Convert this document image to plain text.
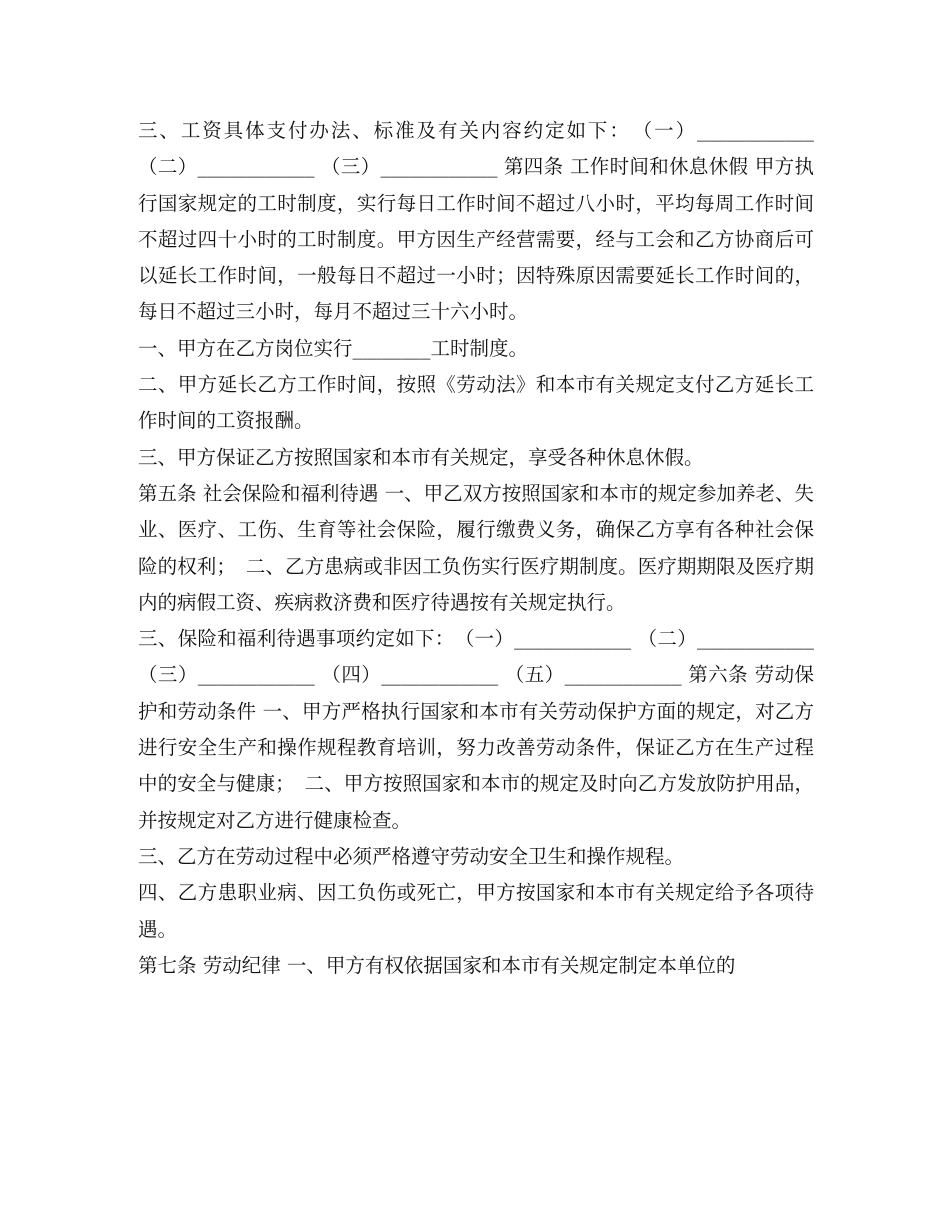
三、工资具体支付办法、标准及有关内容约定如下：　（一）____________ （二）____________ （三）____________ 第四条 工作时间和休息休假 甲方执行国家规定的工时制度，实行每日工作时间不超过八小时，平均每周工作时间不超过四十小时的工时制度。甲方因生产经营需要，经与工会和乙方协商后可以延长工作时间，一般每日不超过一小时；因特殊原因需要延长工作时间的，每日不超过三小时，每月不超过三十六小时。

一、甲方在乙方岗位实行________工时制度。

二、甲方延长乙方工作时间，按照《劳动法》和本市有关规定支付乙方延长工作时间的工资报酬。

三、甲方保证乙方按照国家和本市有关规定，享受各种休息休假。

第五条 社会保险和福利待遇 一、甲乙双方按照国家和本市的规定参加养老、失业、医疗、工伤、生育等社会保险，履行缴费义务，确保乙方享有各种社会保险的权利；　二、乙方患病或非因工负伤实行医疗期制度。医疗期期限及医疗期内的病假工资、疾病救济费和医疗待遇按有关规定执行。

三、保险和福利待遇事项约定如下：　（一）____________ （二）____________ （三）____________ （四）____________ （五）____________ 第六条 劳动保护和劳动条件 一、甲方严格执行国家和本市有关劳动保护方面的规定，对乙方进行安全生产和操作规程教育培训，努力改善劳动条件，保证乙方在生产过程中的安全与健康；　二、甲方按照国家和本市的规定及时向乙方发放防护用品，并按规定对乙方进行健康检查。

三、乙方在劳动过程中必须严格遵守劳动安全卫生和操作规程。

四、乙方患职业病、因工负伤或死亡，甲方按国家和本市有关规定给予各项待遇。

第七条 劳动纪律 一、甲方有权依据国家和本市有关规定制定本单位的
